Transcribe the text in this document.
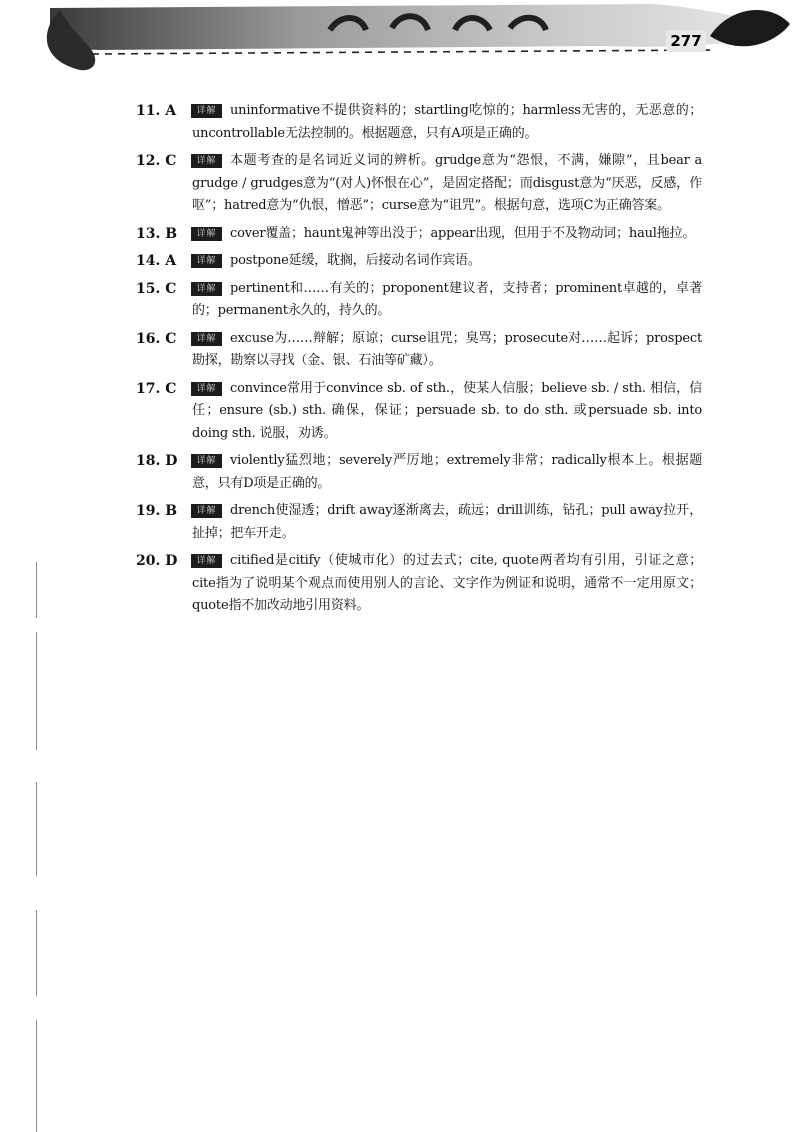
277
11. A	详解	uninformative不提供资料的；startling吃惊的；harmless无害的，无恶意的；uncontrollable无法控制的。根据题意，只有A项是正确的。
12. C	详解	本题考查的是名词近义词的辨析。grudge意为“怨恨，不满，嫌隙”，且bear a grudge / grudges意为“(对人)怀恨在心”，是固定搭配；而disgust意为“厌恶，反感，作呕”；hatred意为“仇恨，憎恶”；curse意为“诅咒”。根据句意，选项C为正确答案。
13. B	详解	cover覆盖；haunt鬼神等出没于；appear出现，但用于不及物动词；haul拖拉。
14. A	详解	postpone延缓，耽搁，后接动名词作宾语。
15. C	详解	pertinent和……有关的；proponent建议者，支持者；prominent卓越的，卓著的；permanent永久的，持久的。
16. C	详解	excuse为……辩解；原谅；curse诅咒；臭骂；prosecute对……起诉；prospect勘探，勘察以寻找（金、银、石油等矿藏）。
17. C	详解	convince常用于convince sb. of sth.，使某人信服；believe sb. / sth. 相信，信任；ensure (sb.) sth. 确保，保证；persuade sb. to do sth. 或persuade sb. into doing sth. 说服，劝诱。
18. D	详解	violently猛烈地；severely严厉地；extremely非常；radically根本上。根据题意，只有D项是正确的。
19. B	详解	drench使湿透；drift away逐渐离去，疏远；drill训练，钻孔；pull away拉开，扯掉；把车开走。
20. D	详解	citified是citify（使城市化）的过去式；cite, quote两者均有引用，引证之意；cite指为了说明某个观点而使用别人的言论、文字作为例证和说明，通常不一定用原文；quote指不加改动地引用资料。
